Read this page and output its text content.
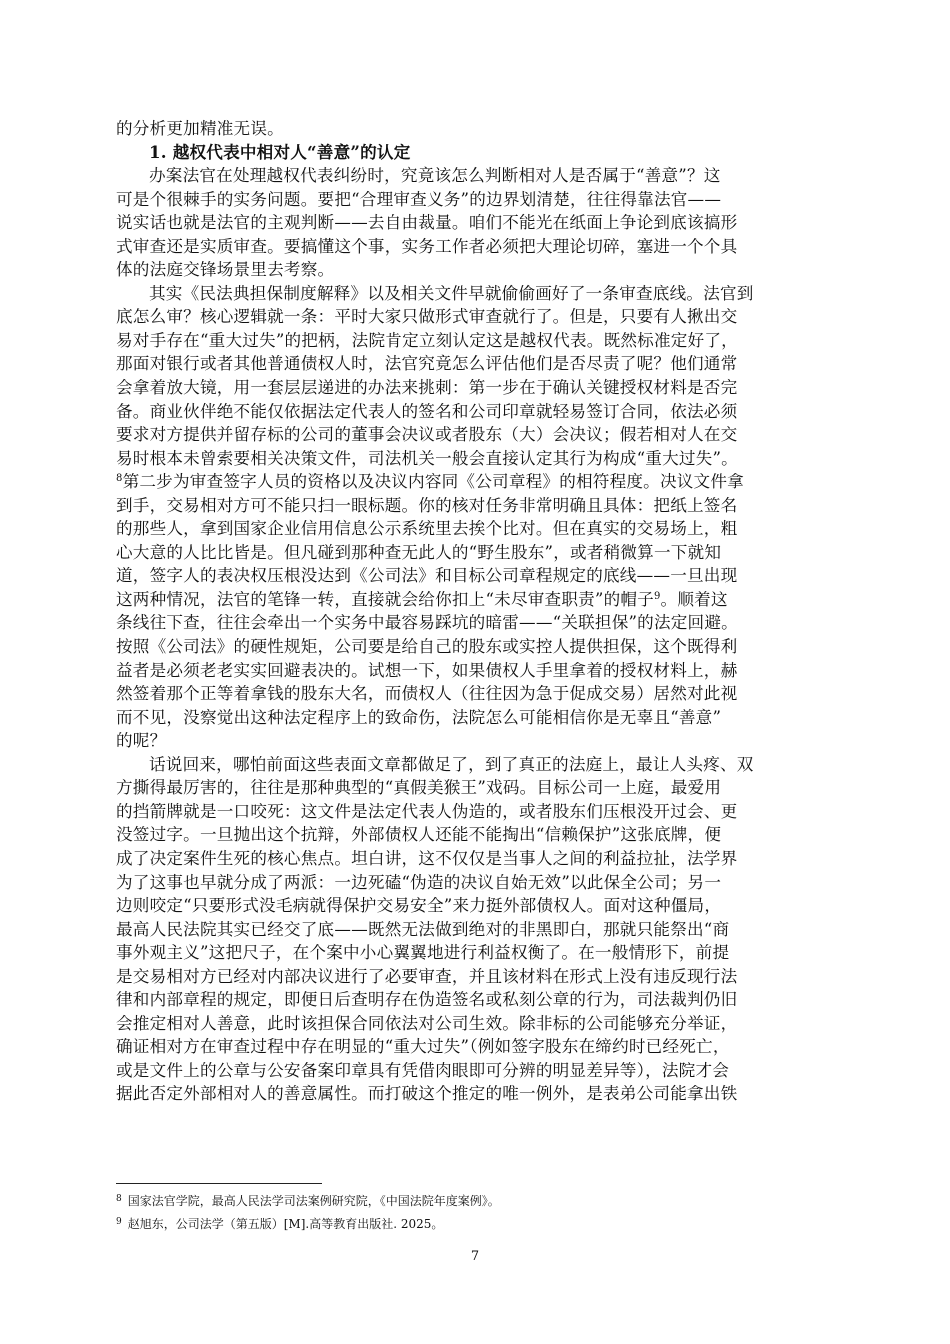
的分析更加精准无误。
1. 越权代表中相对人“善意”的认定
办案法官在处理越权代表纠纷时，究竟该怎么判断相对人是否属于“善意”？这
可是个很棘手的实务问题。要把“合理审查义务”的边界划清楚，往往得靠法官——
说实话也就是法官的主观判断——去自由裁量。咱们不能光在纸面上争论到底该搞形
式审查还是实质审查。要搞懂这个事，实务工作者必须把大理论切碎，塞进一个个具
体的法庭交锋场景里去考察。
其实《民法典担保制度解释》以及相关文件早就偷偷画好了一条审查底线。法官到
底怎么审？核心逻辑就一条：平时大家只做形式审查就行了。但是，只要有人揪出交
易对手存在“重大过失”的把柄，法院肯定立刻认定这是越权代表。既然标准定好了，
那面对银行或者其他普通债权人时，法官究竟怎么评估他们是否尽责了呢？他们通常
会拿着放大镜，用一套层层递进的办法来挑刺：第一步在于确认关键授权材料是否完
备。商业伙伴绝不能仅依据法定代表人的签名和公司印章就轻易签订合同，依法必须
要求对方提供并留存标的公司的董事会决议或者股东（大）会决议；假若相对人在交
易时根本未曾索要相关决策文件，司法机关一般会直接认定其行为构成“重大过失”。
$^8$第二步为审查签字人员的资格以及决议内容同《公司章程》的相符程度。决议文件拿
到手，交易相对方可不能只扫一眼标题。你的核对任务非常明确且具体：把纸上签名
的那些人，拿到国家企业信用信息公示系统里去挨个比对。但在真实的交易场上，粗
心大意的人比比皆是。但凡碰到那种查无此人的“野生股东”，或者稍微算一下就知
道，签字人的表决权压根没达到《公司法》和目标公司章程规定的底线——一旦出现
这两种情况，法官的笔锋一转，直接就会给你扣上“未尽审查职责”的帽子$^9$。顺着这
条线往下查，往往会牵出一个实务中最容易踩坑的暗雷——“关联担保”的法定回避。
按照《公司法》的硬性规矩，公司要是给自己的股东或实控人提供担保，这个既得利
益者是必须老老实实回避表决的。试想一下，如果债权人手里拿着的授权材料上，赫
然签着那个正等着拿钱的股东大名，而债权人（往往因为急于促成交易）居然对此视
而不见，没察觉出这种法定程序上的致命伤，法院怎么可能相信你是无辜且“善意”
的呢？
话说回来，哪怕前面这些表面文章都做足了，到了真正的法庭上，最让人头疼、双
方撕得最厉害的，往往是那种典型的“真假美猴王”戏码。目标公司一上庭，最爱用
的挡箭牌就是一口咬死：这文件是法定代表人伪造的，或者股东们压根没开过会、更
没签过字。一旦抛出这个抗辩，外部债权人还能不能掏出“信赖保护”这张底牌，便
成了决定案件生死的核心焦点。坦白讲，这不仅仅是当事人之间的利益拉扯，法学界
为了这事也早就分成了两派：一边死磕“伪造的决议自始无效”以此保全公司；另一
边则咬定“只要形式没毛病就得保护交易安全”来力挺外部债权人。面对这种僵局，
最高人民法院其实已经交了底——既然无法做到绝对的非黑即白，那就只能祭出“商
事外观主义”这把尺子，在个案中小心翼翼地进行利益权衡了。在一般情形下，前提
是交易相对方已经对内部决议进行了必要审查，并且该材料在形式上没有违反现行法
律和内部章程的规定，即便日后查明存在伪造签名或私刻公章的行为，司法裁判仍旧
会推定相对人善意，此时该担保合同依法对公司生效。除非标的公司能够充分举证，
确证相对方在审查过程中存在明显的“重大过失”（例如签字股东在缔约时已经死亡，
或是文件上的公章与公安备案印章具有凭借肉眼即可分辨的明显差异等），法院才会
据此否定外部相对人的善意属性。而打破这个推定的唯一例外，是表弟公司能拿出铁
$^8$ 国家法官学院，最高人民法学司法案例研究院，《中国法院年度案例》。
$^9$ 赵旭东，公司法学（第五版）[M].高等教育出版社. 2025。
7
